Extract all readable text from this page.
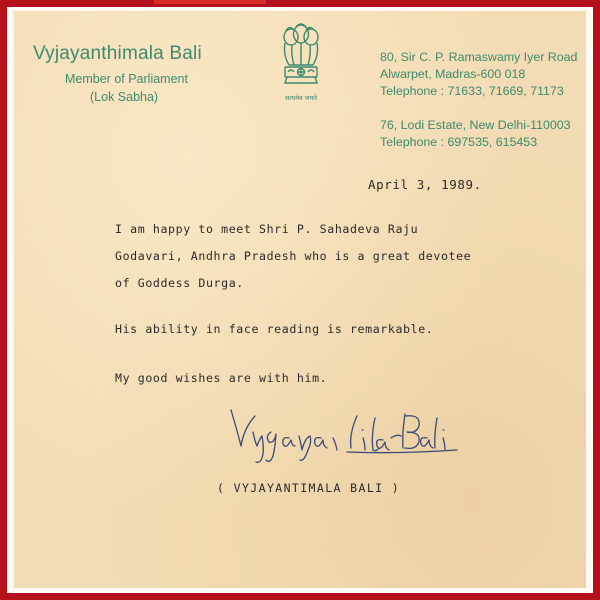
Vyjayanthimala Bali
Member of Parliament
(Lok Sabha)	सत्यमेव जयते
80, Sir C. P. Ramaswamy Iyer Road
Alwarpet, Madras-600 018
Telephone : 71633, 71669, 71173
76, Lodi Estate, New Delhi-110003
Telephone : 697535, 615453
April 3, 1989.
I am happy to meet Shri P. Sahadeva Raju
Godavari, Andhra Pradesh who is a great devotee
of Goddess Durga.
His ability in face reading is remarkable.
My good wishes are with him.
( VYJAYANTIMALA BALI )
